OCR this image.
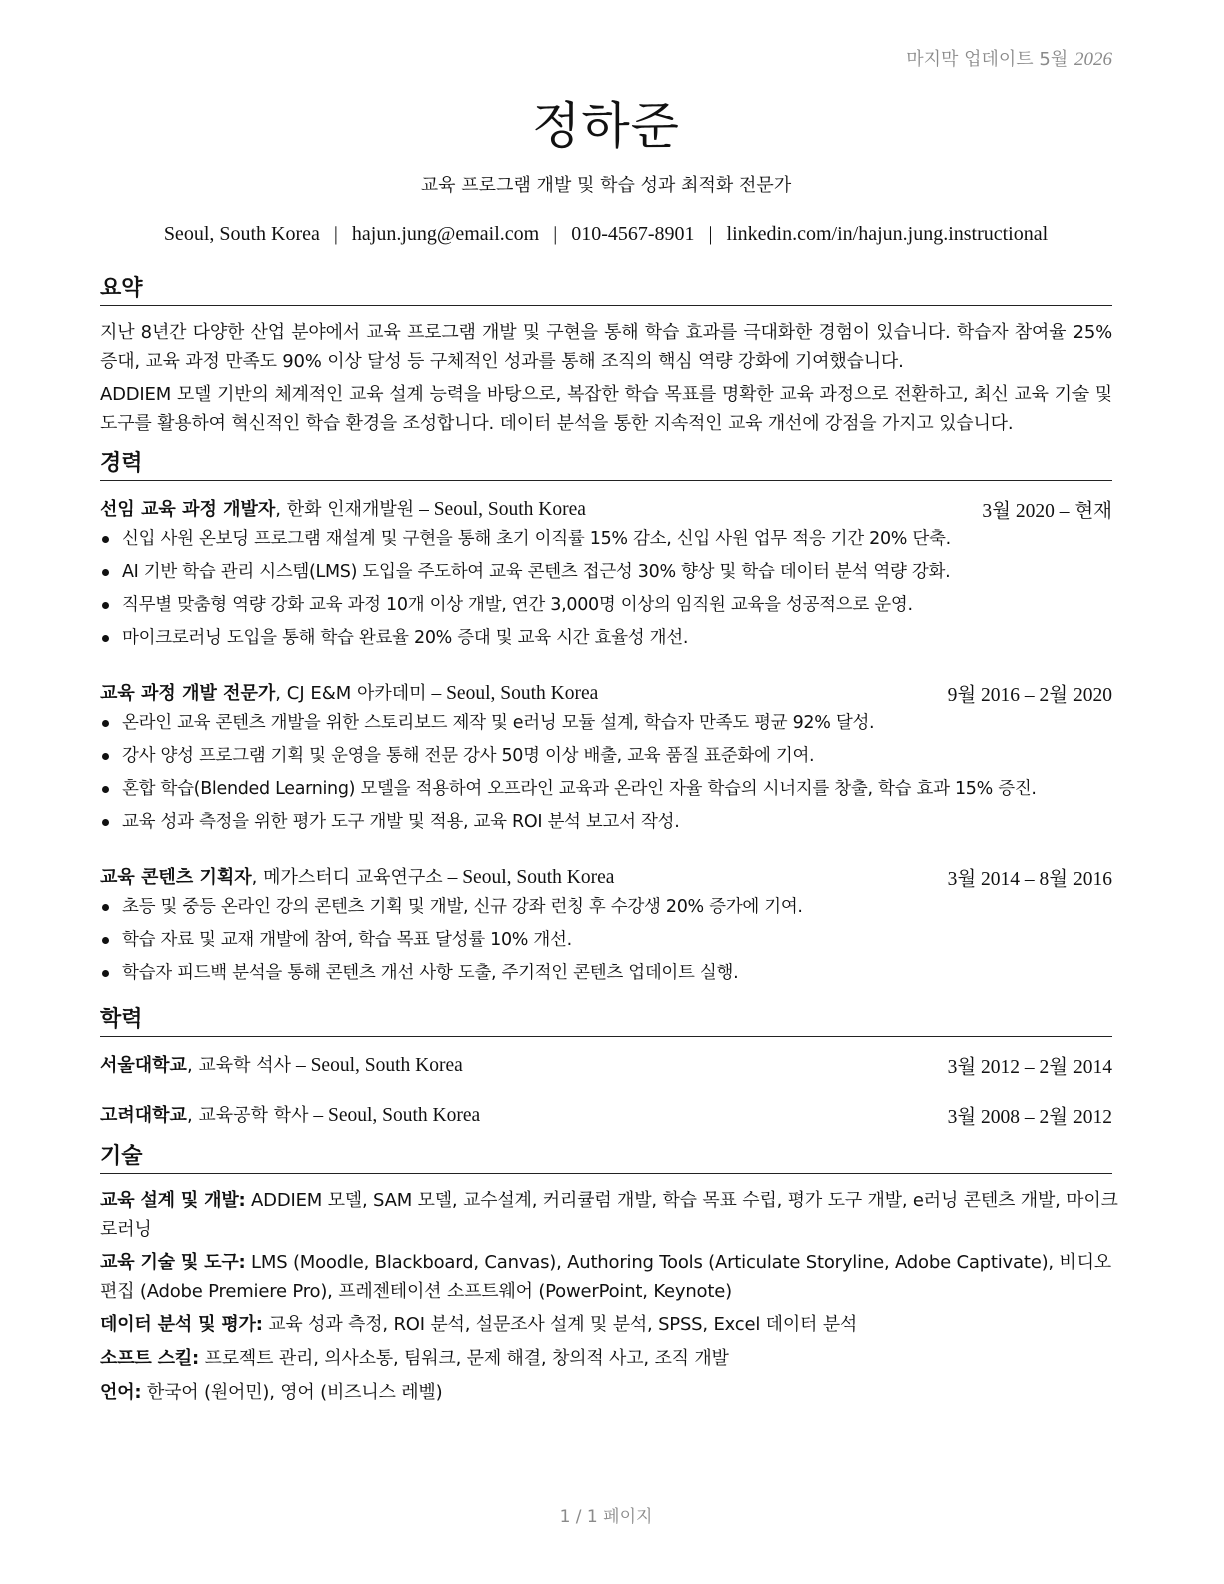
마지막 업데이트 5월 2026
정하준
교육 프로그램 개발 및 학습 성과 최적화 전문가
Seoul, South Korea | hajun.jung@email.com | 010-4567-8901 | linkedin.com/in/hajun.jung.instructional
요약
지난 8년간 다양한 산업 분야에서 교육 프로그램 개발 및 구현을 통해 학습 효과를 극대화한 경험이 있습니다. 학습자 참여율 25% 증대, 교육 과정 만족도 90% 이상 달성 등 구체적인 성과를 통해 조직의 핵심 역량 강화에 기여했습니다.
ADDIEM 모델 기반의 체계적인 교육 설계 능력을 바탕으로, 복잡한 학습 목표를 명확한 교육 과정으로 전환하고, 최신 교육 기술 및 도구를 활용하여 혁신적인 학습 환경을 조성합니다. 데이터 분석을 통한 지속적인 교육 개선에 강점을 가지고 있습니다.
경력
선임 교육 과정 개발자, 한화 인재개발원 – Seoul, South Korea	3월 2020 – 현재
신입 사원 온보딩 프로그램 재설계 및 구현을 통해 초기 이직률 15% 감소, 신입 사원 업무 적응 기간 20% 단축.
AI 기반 학습 관리 시스템(LMS) 도입을 주도하여 교육 콘텐츠 접근성 30% 향상 및 학습 데이터 분석 역량 강화.
직무별 맞춤형 역량 강화 교육 과정 10개 이상 개발, 연간 3,000명 이상의 임직원 교육을 성공적으로 운영.
마이크로러닝 도입을 통해 학습 완료율 20% 증대 및 교육 시간 효율성 개선.
교육 과정 개발 전문가, CJ E&M 아카데미 – Seoul, South Korea	9월 2016 – 2월 2020
온라인 교육 콘텐츠 개발을 위한 스토리보드 제작 및 e러닝 모듈 설계, 학습자 만족도 평균 92% 달성.
강사 양성 프로그램 기획 및 운영을 통해 전문 강사 50명 이상 배출, 교육 품질 표준화에 기여.
혼합 학습(Blended Learning) 모델을 적용하여 오프라인 교육과 온라인 자율 학습의 시너지를 창출, 학습 효과 15% 증진.
교육 성과 측정을 위한 평가 도구 개발 및 적용, 교육 ROI 분석 보고서 작성.
교육 콘텐츠 기획자, 메가스터디 교육연구소 – Seoul, South Korea	3월 2014 – 8월 2016
초등 및 중등 온라인 강의 콘텐츠 기획 및 개발, 신규 강좌 런칭 후 수강생 20% 증가에 기여.
학습 자료 및 교재 개발에 참여, 학습 목표 달성률 10% 개선.
학습자 피드백 분석을 통해 콘텐츠 개선 사항 도출, 주기적인 콘텐츠 업데이트 실행.
학력
서울대학교, 교육학 석사 – Seoul, South Korea	3월 2012 – 2월 2014
고려대학교, 교육공학 학사 – Seoul, South Korea	3월 2008 – 2월 2012
기술
교육 설계 및 개발: ADDIEM 모델, SAM 모델, 교수설계, 커리큘럼 개발, 학습 목표 수립, 평가 도구 개발, e러닝 콘텐츠 개발, 마이크로러닝
교육 기술 및 도구: LMS (Moodle, Blackboard, Canvas), Authoring Tools (Articulate Storyline, Adobe Captivate), 비디오 편집 (Adobe Premiere Pro), 프레젠테이션 소프트웨어 (PowerPoint, Keynote)
데이터 분석 및 평가: 교육 성과 측정, ROI 분석, 설문조사 설계 및 분석, SPSS, Excel 데이터 분석
소프트 스킬: 프로젝트 관리, 의사소통, 팀워크, 문제 해결, 창의적 사고, 조직 개발
언어: 한국어 (원어민), 영어 (비즈니스 레벨)
1 / 1 페이지
